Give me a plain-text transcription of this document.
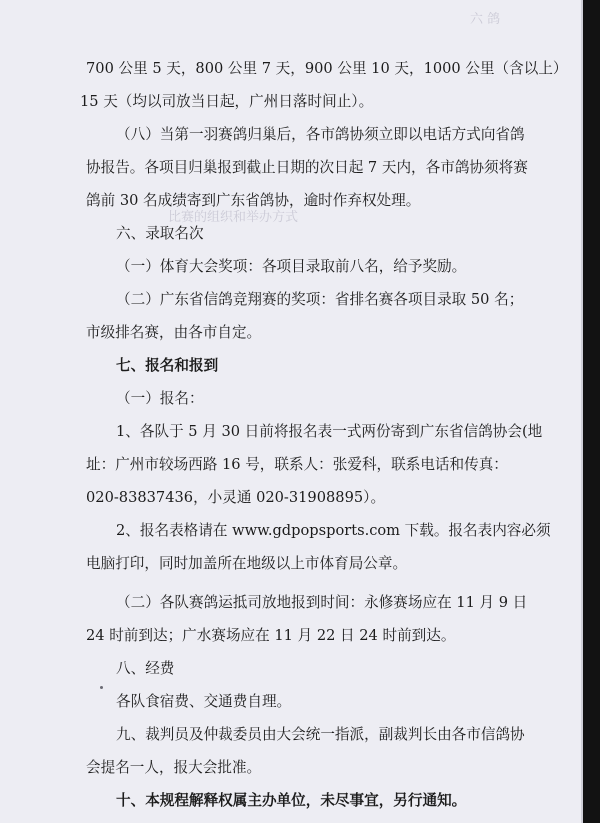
六 鸽
比赛的组织和举办方式

700 公里 5 天，800 公里 7 天，900 公里 10 天，1000 公里（含以上）

15 天（均以司放当日起，广州日落时间止）。

（八）当第一羽赛鸽归巢后，各市鸽协须立即以电话方式向省鸽

协报告。各项目归巢报到截止日期的次日起 7 天内，各市鸽协须将赛

鸽前 30 名成绩寄到广东省鸽协，逾时作弃权处理。

六、录取名次

（一）体育大会奖项：各项目录取前八名，给予奖励。

（二）广东省信鸽竞翔赛的奖项：省排名赛各项目录取 50 名；

市级排名赛，由各市自定。

七、报名和报到

（一）报名：

1、各队于 5 月 30 日前将报名表一式两份寄到广东省信鸽协会(地

址：广州市较场西路 16 号，联系人：张爱科，联系电话和传真：

020-83837436，小灵通 020-31908895）。

2、报名表格请在 www.gdpopsports.com 下载。报名表内容必须

电脑打印，同时加盖所在地级以上市体育局公章。

（二）各队赛鸽运抵司放地报到时间：永修赛场应在 11 月 9 日

24 时前到达；广水赛场应在 11 月 22 日 24 时前到达。

八、经费

各队食宿费、交通费自理。

九、裁判员及仲裁委员由大会统一指派，副裁判长由各市信鸽协

会提名一人，报大会批准。

十、本规程解释权属主办单位，未尽事宜，另行通知。
